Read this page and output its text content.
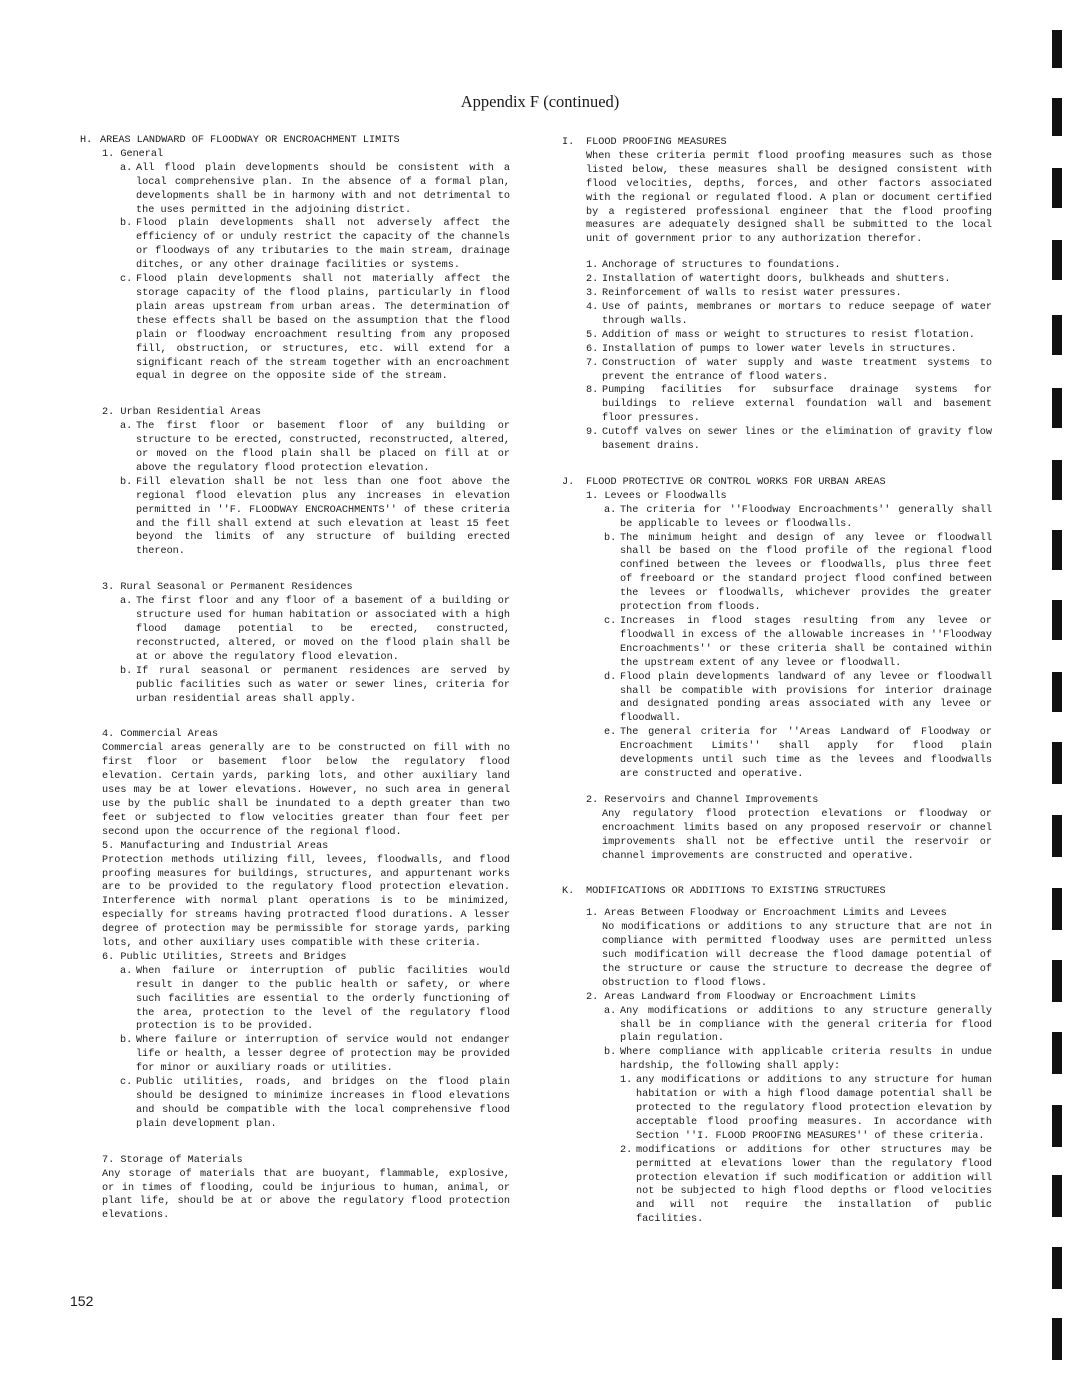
Appendix F (continued)
H. AREAS LANDWARD OF FLOODWAY OR ENCROACHMENT LIMITS
1. General
a. All flood plain developments should be consistent with a local comprehensive plan. In the absence of a formal plan, developments shall be in harmony with and not detrimental to the uses permitted in the adjoining district.
b. Flood plain developments shall not adversely affect the efficiency of or unduly restrict the capacity of the channels or floodways of any tributaries to the main stream, drainage ditches, or any other drainage facilities or systems.
c. Flood plain developments shall not materially affect the storage capacity of the flood plains, particularly in flood plain areas upstream from urban areas. The determination of these effects shall be based on the assumption that the flood plain or floodway encroachment resulting from any proposed fill, obstruction, or structures, etc. will extend for a significant reach of the stream together with an encroachment equal in degree on the opposite side of the stream.
2. Urban Residential Areas
a. The first floor or basement floor of any building or structure to be erected, constructed, reconstructed, altered, or moved on the flood plain shall be placed on fill at or above the regulatory flood protection elevation.
b. Fill elevation shall be not less than one foot above the regional flood elevation plus any increases in elevation permitted in ''F. FLOODWAY ENCROACHMENTS'' of these criteria and the fill shall extend at such elevation at least 15 feet beyond the limits of any structure of building erected thereon.
3. Rural Seasonal or Permanent Residences
a. The first floor and any floor of a basement of a building or structure used for human habitation or associated with a high flood damage potential to be erected, constructed, reconstructed, altered, or moved on the flood plain shall be at or above the regulatory flood elevation.
b. If rural seasonal or permanent residences are served by public facilities such as water or sewer lines, criteria for urban residential areas shall apply.
4. Commercial Areas
Commercial areas generally are to be constructed on fill with no first floor or basement floor below the regulatory flood elevation. Certain yards, parking lots, and other auxiliary land uses may be at lower elevations. However, no such area in general use by the public shall be inundated to a depth greater than two feet or subjected to flow velocities greater than four feet per second upon the occurrence of the regional flood.
5. Manufacturing and Industrial Areas
Protection methods utilizing fill, levees, floodwalls, and flood proofing measures for buildings, structures, and appurtenant works are to be provided to the regulatory flood protection elevation. Interference with normal plant operations is to be minimized, especially for streams having protracted flood durations. A lesser degree of protection may be permissible for storage yards, parking lots, and other auxiliary uses compatible with these criteria.
6. Public Utilities, Streets and Bridges
a. When failure or interruption of public facilities would result in danger to the public health or safety, or where such facilities are essential to the orderly functioning of the area, protection to the level of the regulatory flood protection is to be provided.
b. Where failure or interruption of service would not endanger life or health, a lesser degree of protection may be provided for minor or auxiliary roads or utilities.
c. Public utilities, roads, and bridges on the flood plain should be designed to minimize increases in flood elevations and should be compatible with the local comprehensive flood plain development plan.
7. Storage of Materials
Any storage of materials that are buoyant, flammable, explosive, or in times of flooding, could be injurious to human, animal, or plant life, should be at or above the regulatory flood protection elevations.
I.	FLOOD PROOFING MEASURES
When these criteria permit flood proofing measures such as those listed below, these measures shall be designed consistent with flood velocities, depths, forces, and other factors associated with the regional or regulated flood. A plan or document certified by a registered professional engineer that the flood proofing measures are adequately designed shall be submitted to the local unit of government prior to any authorization therefor.
1. Anchorage of structures to foundations.
2. Installation of watertight doors, bulkheads and shutters.
3. Reinforcement of walls to resist water pressures.
4. Use of paints, membranes or mortars to reduce seepage of water through walls.
5. Addition of mass or weight to structures to resist flotation.
6. Installation of pumps to lower water levels in structures.
7. Construction of water supply and waste treatment systems to prevent the entrance of flood waters.
8. Pumping facilities for subsurface drainage systems for buildings to relieve external foundation wall and basement floor pressures.
9. Cutoff valves on sewer lines or the elimination of gravity flow basement drains.
J.	FLOOD PROTECTIVE OR CONTROL WORKS FOR URBAN AREAS
1. Levees or Floodwalls
a. The criteria for ''Floodway Encroachments'' generally shall be applicable to levees or floodwalls.
b. The minimum height and design of any levee or floodwall shall be based on the flood profile of the regional flood confined between the levees or floodwalls, plus three feet of freeboard or the standard project flood confined between the levees or floodwalls, whichever provides the greater protection from floods.
c. Increases in flood stages resulting from any levee or floodwall in excess of the allowable increases in ''Floodway Encroachments'' or these criteria shall be contained within the upstream extent of any levee or floodwall.
d. Flood plain developments landward of any levee or floodwall shall be compatible with provisions for interior drainage and designated ponding areas associated with any levee or floodwall.
e. The general criteria for ''Areas Landward of Floodway or Encroachment Limits'' shall apply for flood plain developments until such time as the levees and floodwalls are constructed and operative.
2. Reservoirs and Channel Improvements
Any regulatory flood protection elevations or floodway or encroachment limits based on any proposed reservoir or channel improvements shall not be effective until the reservoir or channel improvements are constructed and operative.
K.	MODIFICATIONS OR ADDITIONS TO EXISTING STRUCTURES
1. Areas Between Floodway or Encroachment Limits and Levees
No modifications or additions to any structure that are not in compliance with permitted floodway uses are permitted unless such modification will decrease the flood damage potential of the structure or cause the structure to decrease the degree of obstruction to flood flows.
2. Areas Landward from Floodway or Encroachment Limits
a. Any modifications or additions to any structure generally shall be in compliance with the general criteria for flood plain regulation.
b. Where compliance with applicable criteria results in undue hardship, the following shall apply:
1. any modifications or additions to any structure for human habitation or with a high flood damage potential shall be protected to the regulatory flood protection elevation by acceptable flood proofing measures. In accordance with Section ''I. FLOOD PROOFING MEASURES'' of these criteria.
2. modifications or additions for other structures may be permitted at elevations lower than the regulatory flood protection elevation if such modification or addition will not be subjected to high flood depths or flood velocities and will not require the installation of public facilities.
152
